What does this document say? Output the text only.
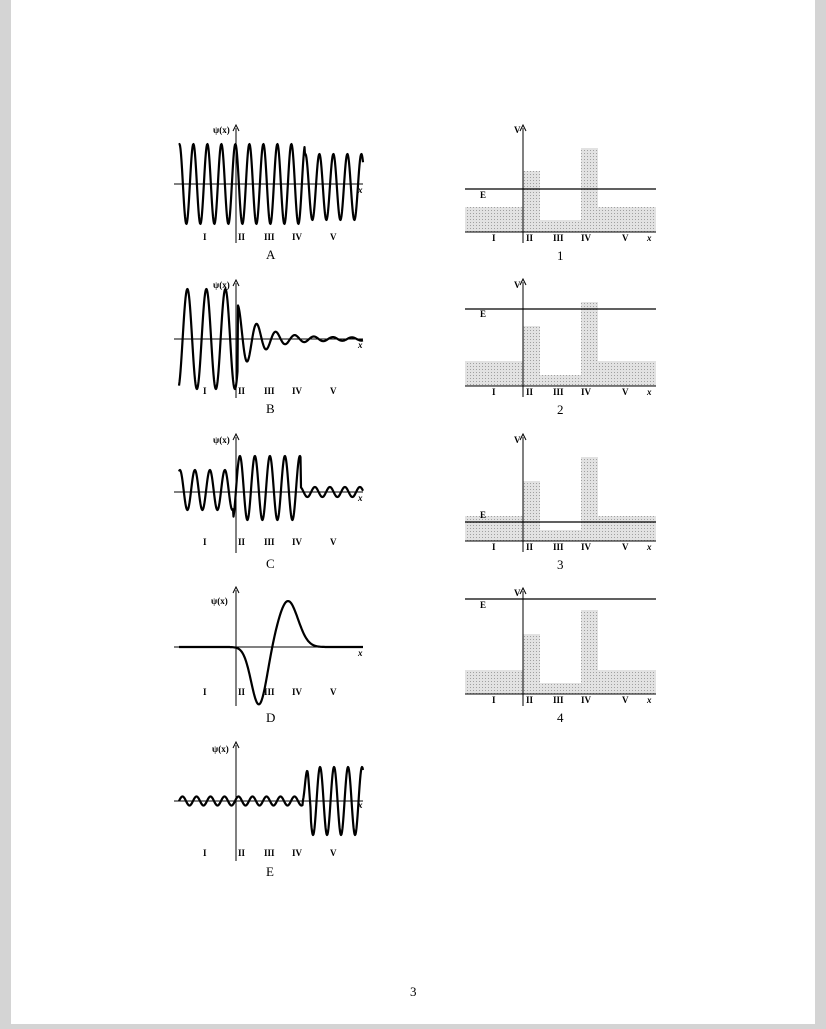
ψ(x)
x
I	II III IV	V
A
ψ(x)
x
I	II III IV	V
B
ψ(x)
x
I	II III IV	V
C
ψ(x)
x
I	II III IV	V
D
ψ(x)
x
I	II III IV	V
E
V
E
x
I	II III IV	V
1
V
E
x
I	II III IV	V
2
V
E
x
I	II III IV	V
3
V
E
x
I	II III IV	V
4
3
